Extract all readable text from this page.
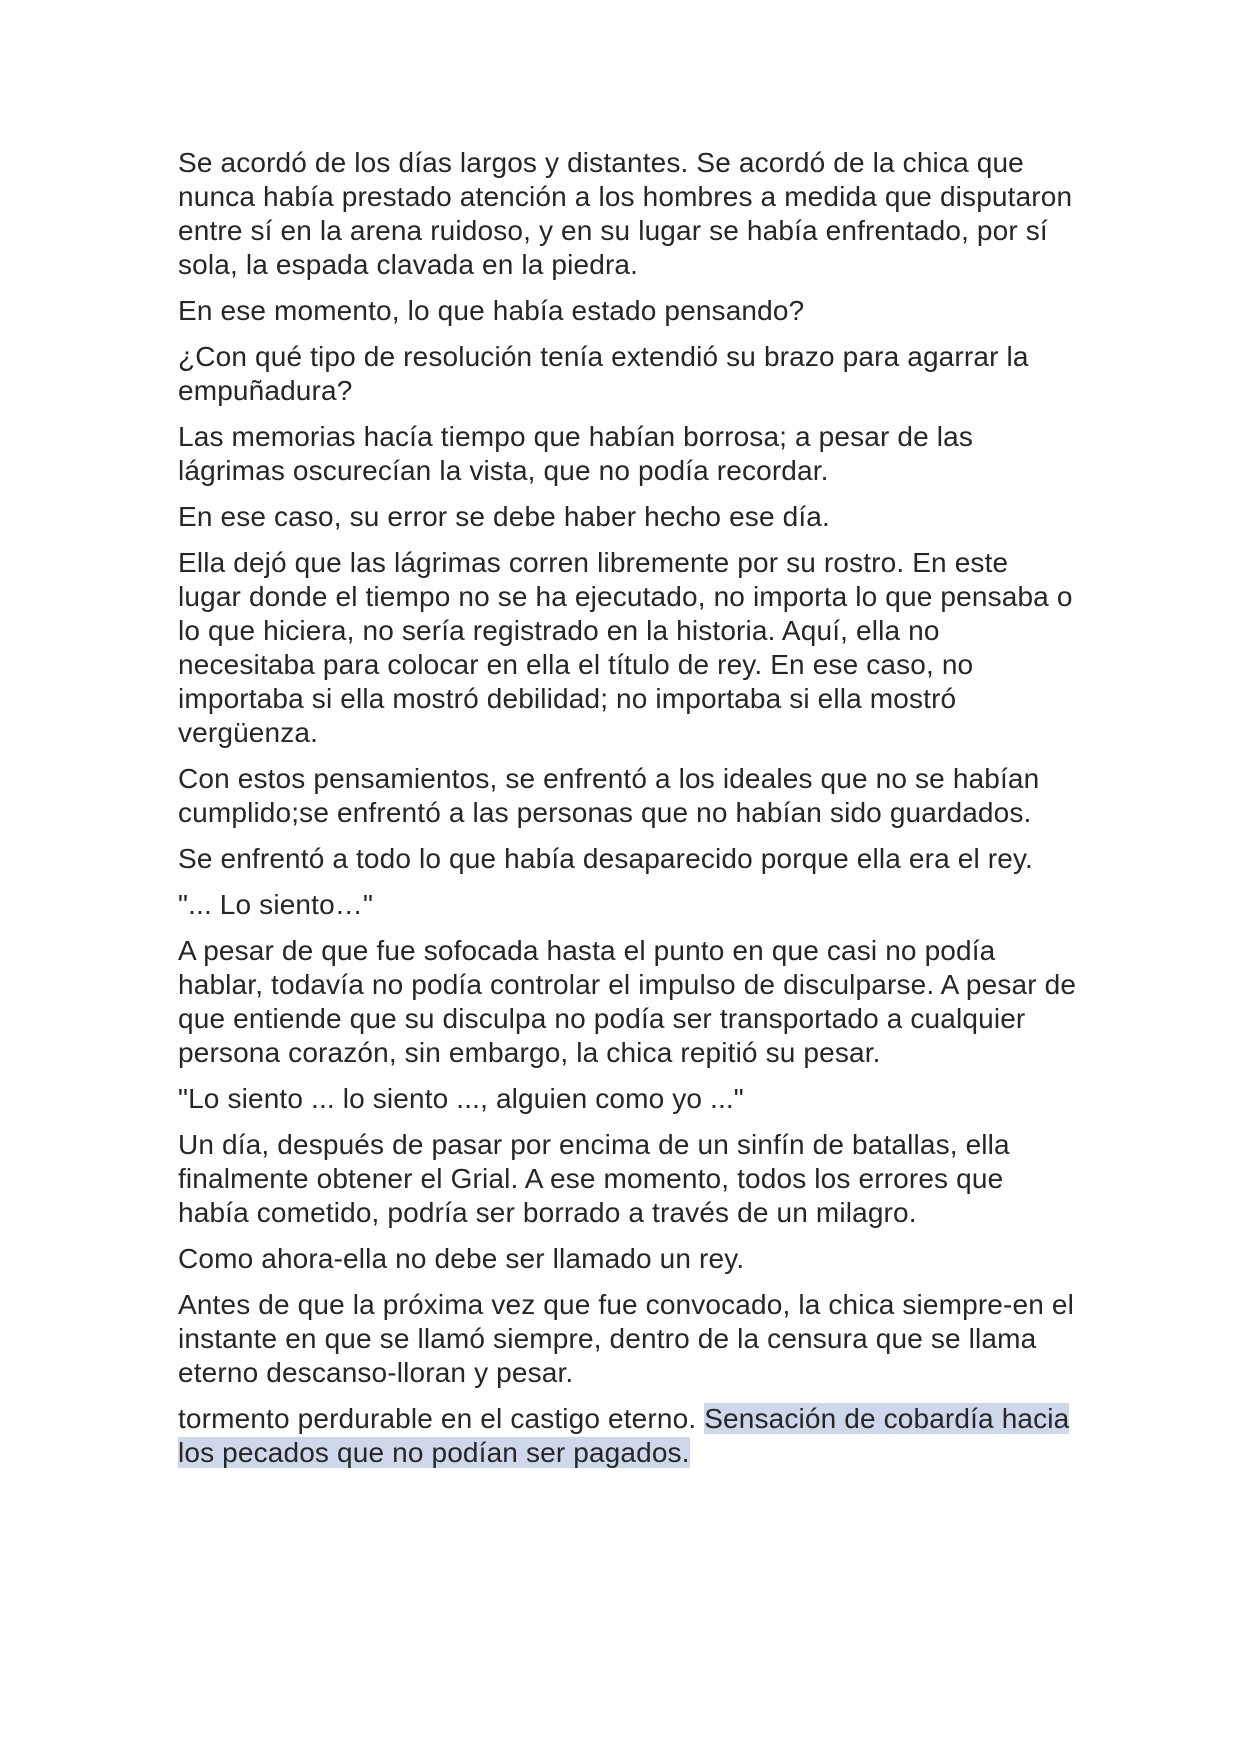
Se acordó de los días largos y distantes. Se acordó de la chica que nunca había prestado atención a los hombres a medida que disputaron entre sí en la arena ruidoso, y en su lugar se había enfrentado, por sí sola, la espada clavada en la piedra.

En ese momento, lo que había estado pensando?

¿Con qué tipo de resolución tenía extendió su brazo para agarrar la empuñadura?

Las memorias hacía tiempo que habían borrosa; a pesar de las lágrimas oscurecían la vista, que no podía recordar.

En ese caso, su error se debe haber hecho ese día.

Ella dejó que las lágrimas corren libremente por su rostro. En este lugar donde el tiempo no se ha ejecutado, no importa lo que pensaba o lo que hiciera, no sería registrado en la historia. Aquí, ella no necesitaba para colocar en ella el título de rey. En ese caso, no importaba si ella mostró debilidad; no importaba si ella mostró vergüenza.

Con estos pensamientos, se enfrentó a los ideales que no se habían cumplido;se enfrentó a las personas que no habían sido guardados.

Se enfrentó a todo lo que había desaparecido porque ella era el rey.

"... Lo siento…"

A pesar de que fue sofocada hasta el punto en que casi no podía hablar, todavía no podía controlar el impulso de disculparse. A pesar de que entiende que su disculpa no podía ser transportado a cualquier persona corazón, sin embargo, la chica repitió su pesar.

"Lo siento ... lo siento ..., alguien como yo ..."

Un día, después de pasar por encima de un sinfín de batallas, ella finalmente obtener el Grial. A ese momento, todos los errores que había cometido, podría ser borrado a través de un milagro.

Como ahora-ella no debe ser llamado un rey.

Antes de que la próxima vez que fue convocado, la chica siempre-en el instante en que se llamó siempre, dentro de la censura que se llama eterno descanso-lloran y pesar.

tormento perdurable en el castigo eterno. Sensación de cobardía hacia los pecados que no podían ser pagados.
